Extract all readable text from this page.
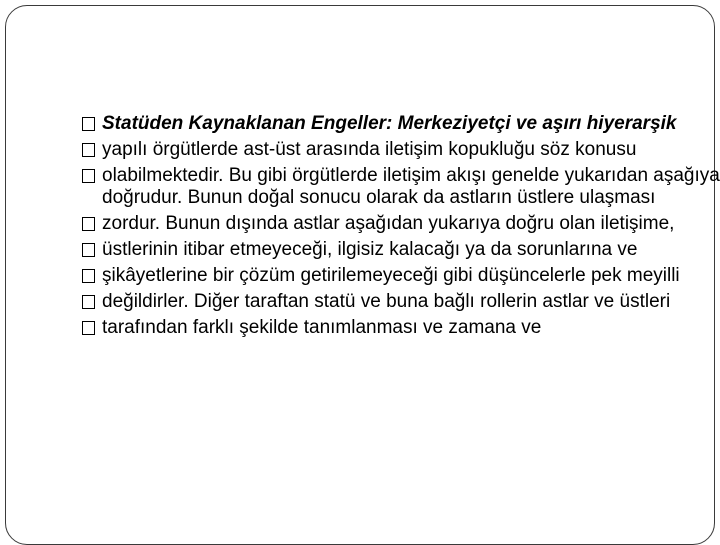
Statüden Kaynaklanan Engeller: Merkeziyetçi ve aşırı hiyerarşik
yapılı örgütlerde ast-üst arasında iletişim kopukluğu söz konusu
olabilmektedir. Bu gibi örgütlerde iletişim akışı genelde yukarıdan aşağıya doğrudur. Bunun doğal sonucu olarak da astların üstlere ulaşması
zordur. Bunun dışında astlar aşağıdan yukarıya doğru olan iletişime,
üstlerinin itibar etmeyeceği, ilgisiz kalacağı ya da sorunlarına ve
şikâyetlerine bir çözüm getirilemeyeceği gibi düşüncelerle pek meyilli
değildirler. Diğer taraftan statü ve buna bağlı rollerin astlar ve üstleri
tarafından farklı şekilde tanımlanması ve zamana ve
